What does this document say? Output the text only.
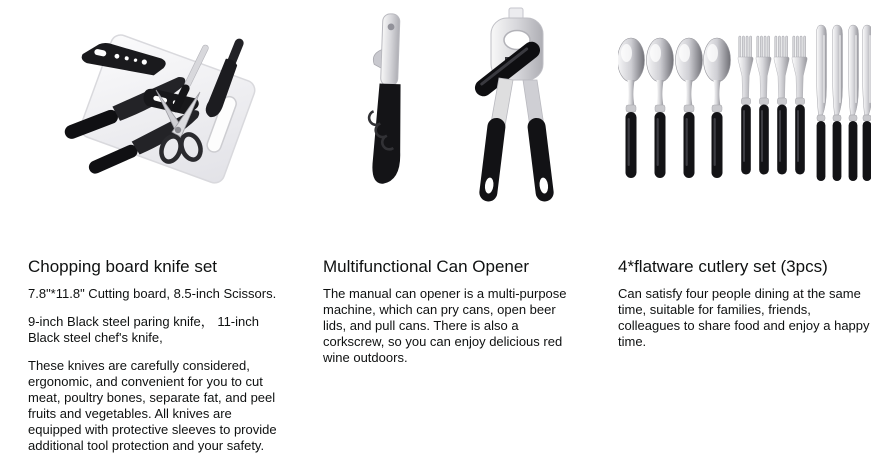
Chopping board knife set

7.8"*11.8" Cutting board, 8.5-inch Scissors.

9-inch Black steel paring knife， 11-inch Black steel chef's knife,

These knives are carefully considered, ergonomic, and convenient for you to cut meat, poultry bones, separate fat, and peel fruits and vegetables. All knives are equipped with protective sleeves to provide additional tool protection and your safety.

Multifunctional Can Opener

The manual can opener is a multi-purpose machine, which can pry cans, open beer lids, and pull cans. There is also a corkscrew, so you can enjoy delicious red wine outdoors.

4*flatware cutlery set (3pcs)

Can satisfy four people dining at the same time, suitable for families, friends, colleagues to share food and enjoy a happy time.
